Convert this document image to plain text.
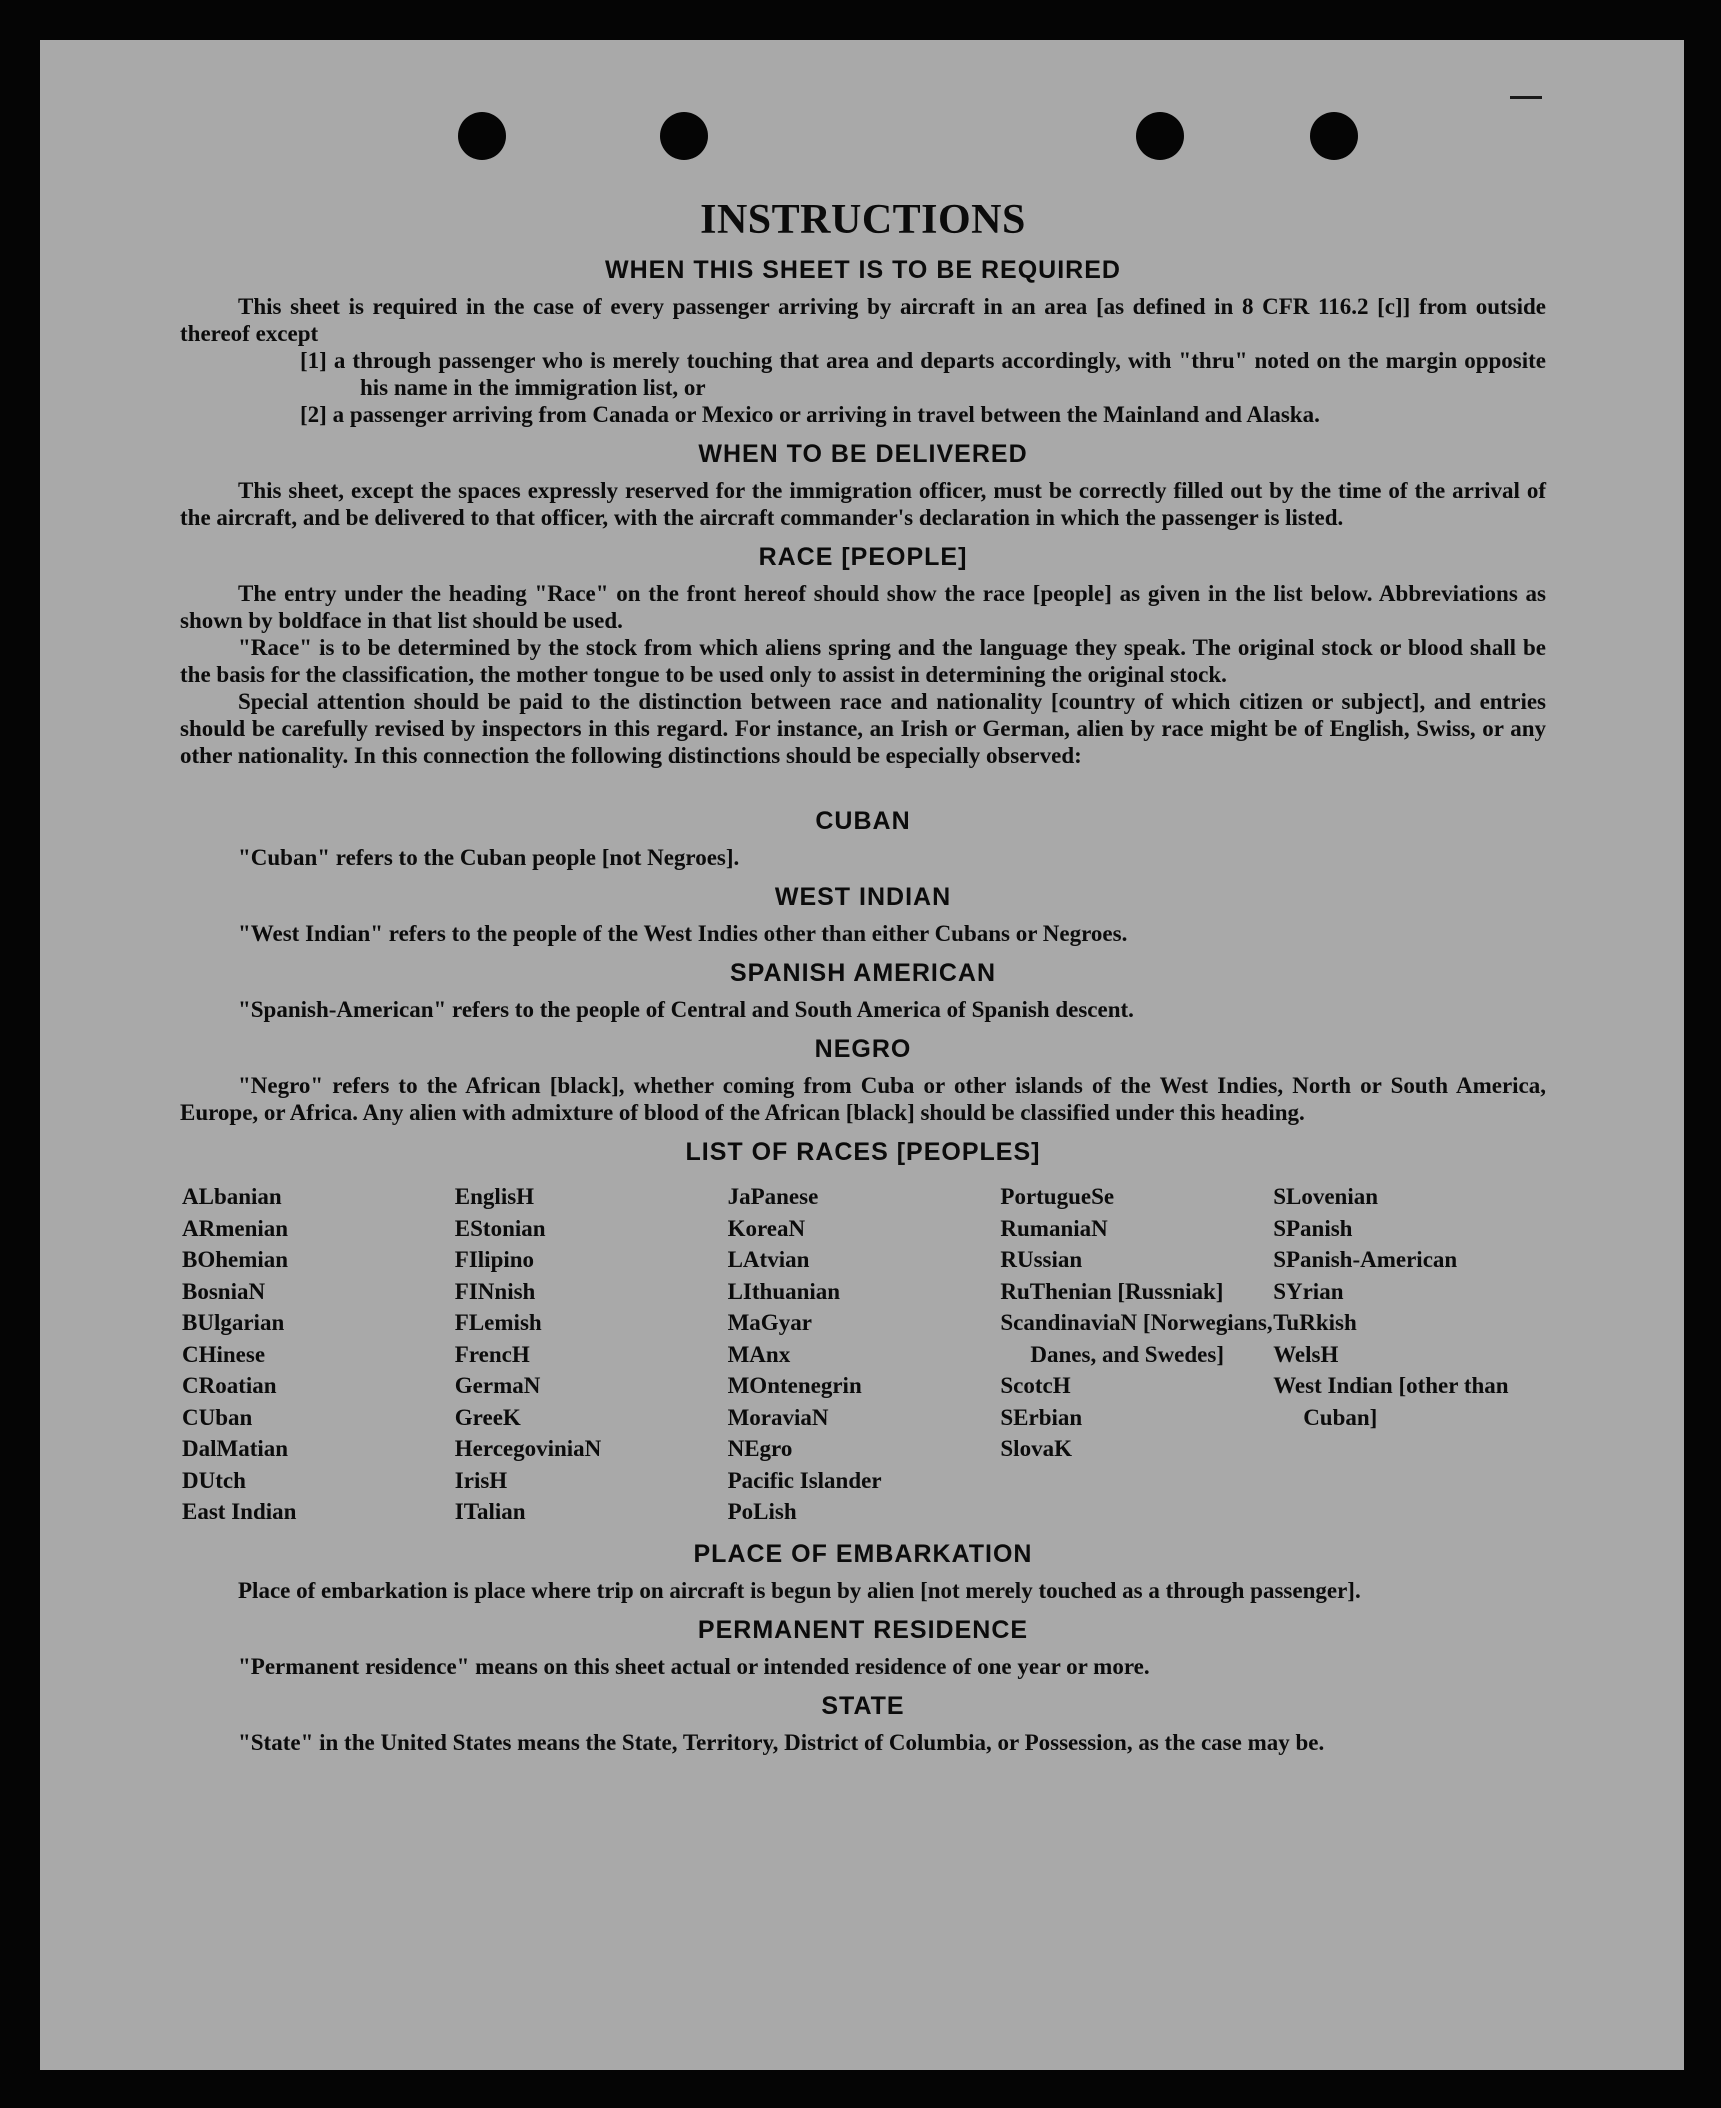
INSTRUCTIONS
WHEN THIS SHEET IS TO BE REQUIRED

This sheet is required in the case of every passenger arriving by aircraft in an area [as defined in 8 CFR 116.2 [c]] from outside thereof except

[1] a through passenger who is merely touching that area and departs accordingly, with "thru" noted on the margin opposite his name in the immigration list, or
[2] a passenger arriving from Canada or Mexico or arriving in travel between the Mainland and Alaska.
WHEN TO BE DELIVERED

This sheet, except the spaces expressly reserved for the immigration officer, must be correctly filled out by the time of the arrival of the aircraft, and be delivered to that officer, with the aircraft commander's declaration in which the passenger is listed.

RACE [PEOPLE]

The entry under the heading "Race" on the front hereof should show the race [people] as given in the list below. Abbreviations as shown by boldface in that list should be used.

"Race" is to be determined by the stock from which aliens spring and the language they speak. The original stock or blood shall be the basis for the classification, the mother tongue to be used only to assist in determining the original stock.

Special attention should be paid to the distinction between race and nationality [country of which citizen or subject], and entries should be carefully revised by inspectors in this regard. For instance, an Irish or German, alien by race might be of English, Swiss, or any other nationality. In this connection the following distinctions should be especially observed:

CUBAN

"Cuban" refers to the Cuban people [not Negroes].

WEST INDIAN

"West Indian" refers to the people of the West Indies other than either Cubans or Negroes.

SPANISH AMERICAN

"Spanish-American" refers to the people of Central and South America of Spanish descent.

NEGRO

"Negro" refers to the African [black], whether coming from Cuba or other islands of the West Indies, North or South America, Europe, or Africa. Any alien with admixture of blood of the African [black] should be classified under this heading.

LIST OF RACES [PEOPLES]
ALbanian
ARmenian
BOhemian
BosniaN
BUlgarian
CHinese
CRoatian
CUban
DalMatian
DUtch
East Indian
EnglisH
EStonian
FIlipino
FINnish
FLemish
FrencH
GermaN
GreeK
HercegoviniaN
IrisH
ITalian
JaPanese
KoreaN
LAtvian
LIthuanian
MaGyar
MAnx
MOntenegrin
MoraviaN
NEgro
Pacific Islander
PoLish
PortugueSe
RumaniaN
RUssian
RuThenian [Russniak]
ScandinaviaN [Norwegians, Danes, and Swedes]
ScotcH
SErbian
SlovaK
SLovenian
SPanish
SPanish-American
SYrian
TuRkish
WelsH
West Indian [other than Cuban]
PLACE OF EMBARKATION

Place of embarkation is place where trip on aircraft is begun by alien [not merely touched as a through passenger].

PERMANENT RESIDENCE

"Permanent residence" means on this sheet actual or intended residence of one year or more.

STATE

"State" in the United States means the State, Territory, District of Columbia, or Possession, as the case may be.
